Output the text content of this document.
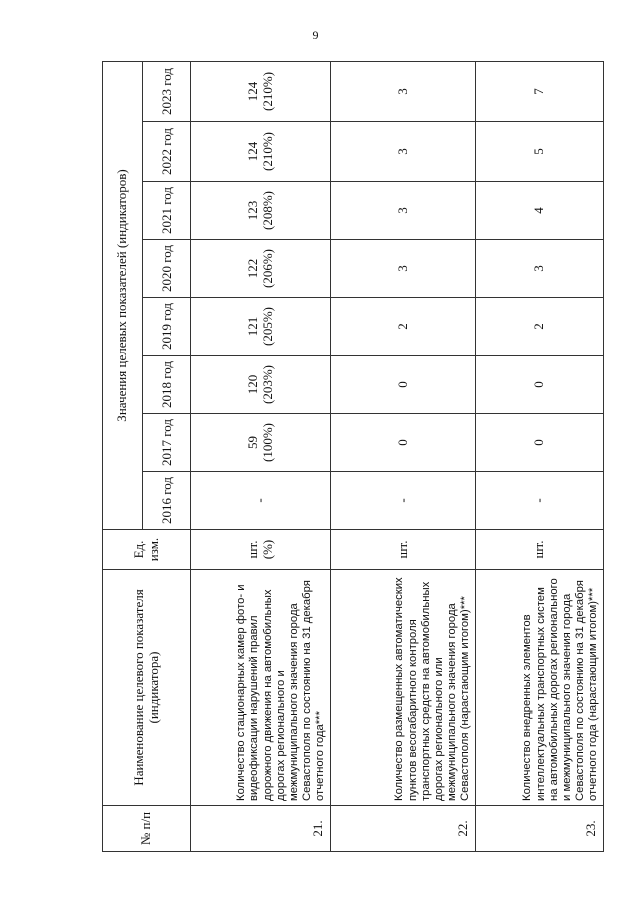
9
№ п/п	Наименование целевого показателя (индикатора)	Ед. изм.	Значения целевых показателей (индикаторов)							
			2016 год	2017 год	2018 год	2019 год	2020 год	2021 год	2022 год	2023 год
21.	Количество стационарных камер фото- и видеофиксации нарушений правил дорожного движения на автомобильных дорогах регионального и межмуниципального значения города Севастополя по состоянию на 31 декабря отчетного года***	шт. (%)	-	59 (100%)	120 (203%)	121 (205%)	122 (206%)	123 (208%)	124 (210%)	124 (210%)
22.	Количество размещенных автоматических пунктов весогабаритного контроля транспортных средств на автомобильных дорогах регионального или межмуниципального значения города Севастополя (нарастающим итогом)***	шт.	-	0	0	2	3	3	3	3
23.	Количество внедренных элементов интеллектуальных транспортных систем на автомобильных дорогах регионального и межмуниципального значения города Севастополя по состоянию на 31 декабря отчетного года (нарастающим итогом)***	шт.	-	0	0	2	3	4	5	7
